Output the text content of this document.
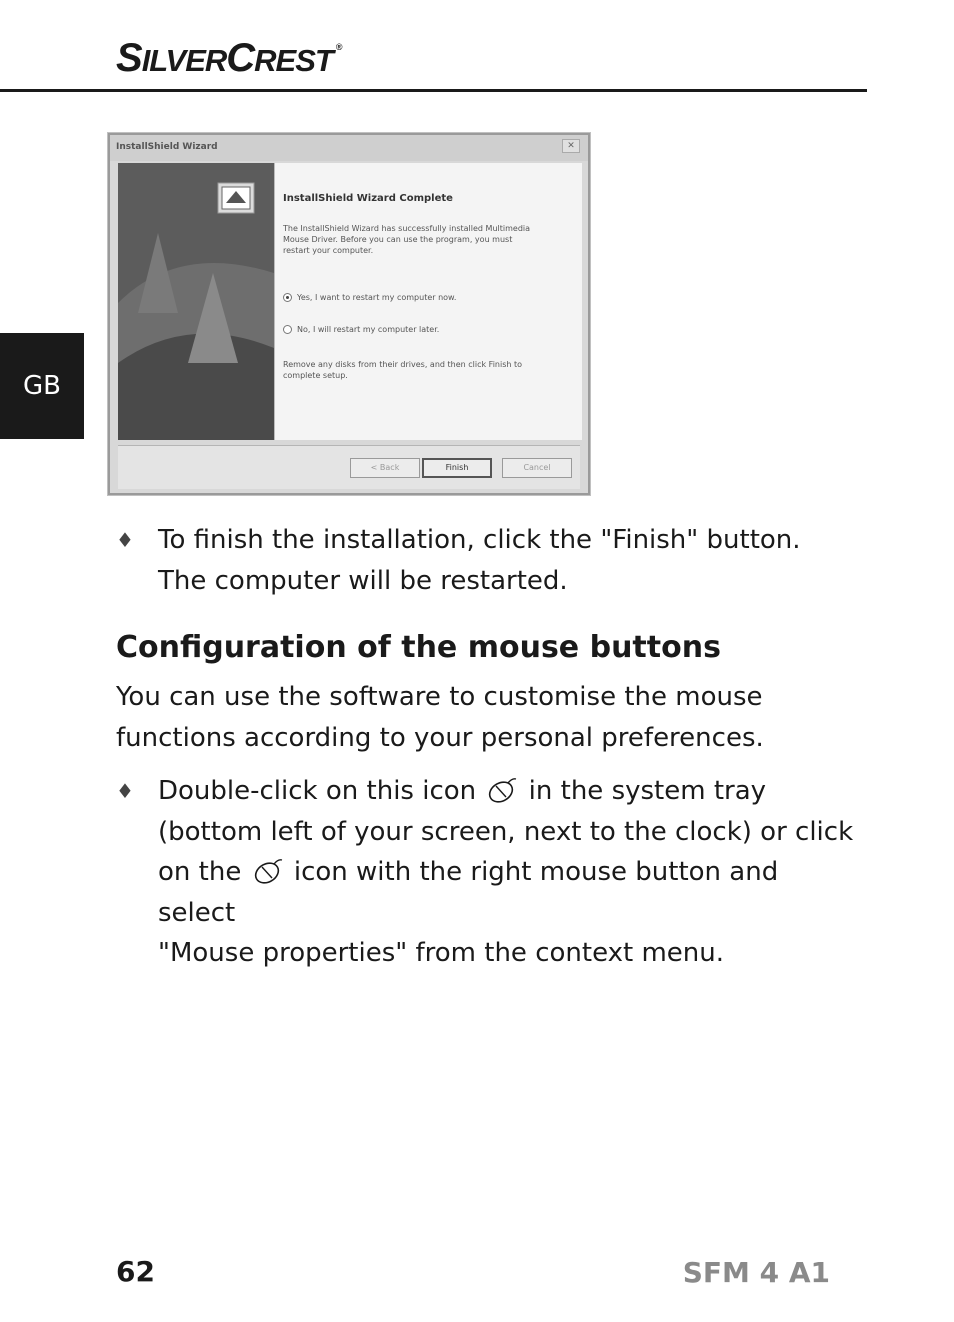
SILVERCREST ®
GB
InstallShield Wizard	✕
InstallShield Wizard Complete
The InstallShield Wizard has successfully installed Multimedia
Mouse Driver. Before you can use the program, you must
restart your computer.
Yes, I want to restart my computer now.
No, I will restart my computer later.
Remove any disks from their drives, and then click Finish to
complete setup.
< Back	Finish	Cancel
♦ To finish the installation, click the "Finish" button.
The computer will be restarted.
Configuration of the mouse buttons
You can use the software to customise the mouse
functions according to your personal preferences.
♦ Double-click on this icon in the system tray
(bottom left of your screen, next to the clock) or click
on the icon with the right mouse button and select
"Mouse properties" from the context menu.
62	SFM 4 A1
